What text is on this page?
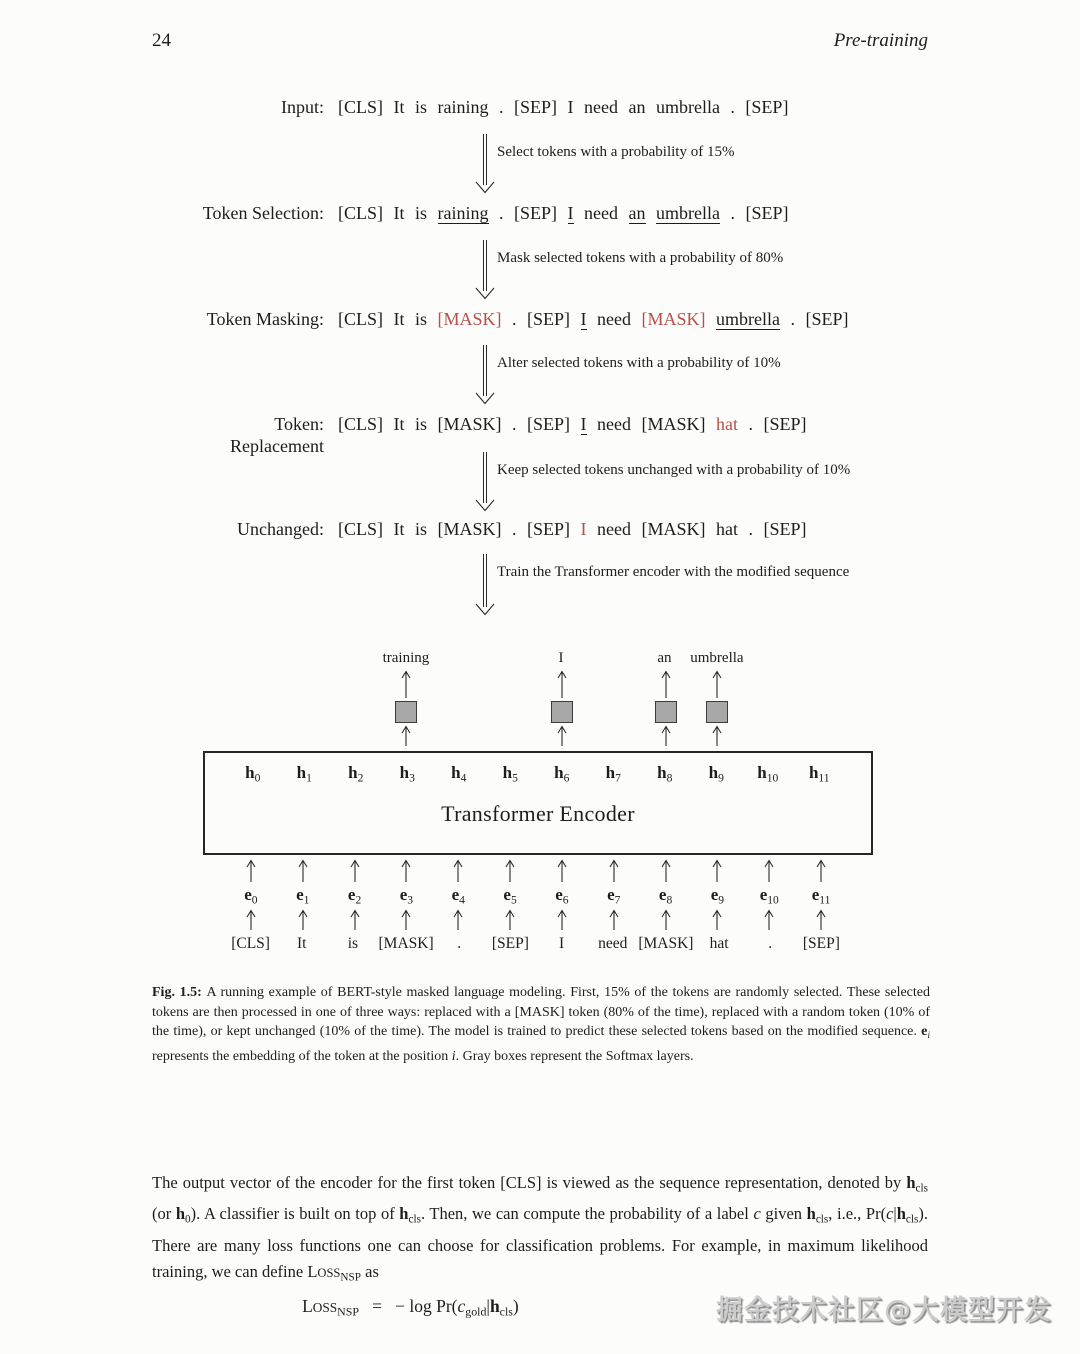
24	Pre-training
Input: [CLS] It is raining . [SEP] I need an umbrella . [SEP]
Select tokens with a probability of 15%
Token Selection: [CLS] It is raining . [SEP] I need an umbrella . [SEP]
Mask selected tokens with a probability of 80%
Token Masking: [CLS] It is [MASK] . [SEP] I need [MASK] umbrella . [SEP]
Alter selected tokens with a probability of 10%
Token:
Replacement
[CLS] It is [MASK] . [SEP] I need [MASK] hat . [SEP]
Keep selected tokens unchanged with a probability of 10%
Unchanged: [CLS] It is [MASK] . [SEP] I need [MASK] hat . [SEP]
Train the Transformer encoder with the modified sequence
training	I	an umbrella
$h_0$ $h_1$ $h_2$ $h_3$ $h_4$ $h_5$ $h_6$ $h_7$ $h_8$ $h_9$ $h_{10}$ $h_{11}$
Transformer Encoder
$e_0$ $e_1$ $e_2$ $e_3$ $e_4$ $e_5$ $e_6$ $e_7$ $e_8$ $e_9$ $e_{10}$ $e_{11}$
[CLS] It	is [MASK] . [SEP] I need [MASK] hat	. [SEP]

Fig. 1.5: A running example of BERT-style masked language modeling. First, 15% of the tokens are randomly selected. These selected tokens are then processed in one of three ways: replaced with a [MASK] token (80% of the time), replaced with a random token (10% of the time), or kept unchanged (10% of the time). The model is trained to predict these selected tokens based on the modified sequence. $e_i$ represents the embedding of the token at the position i. Gray boxes represent the Softmax layers.

The output vector of the encoder for the first token [CLS] is viewed as the sequence representation, denoted by $h_{cls}$ (or $h_0$). A classifier is built on top of $h_{cls}$. Then, we can compute the probability of a label c given $h_{cls}$, i.e., $Pr(c|h_{cls})$. There are many loss functions one can choose for classification problems. For example, in maximum likelihood training, we can define $LOSS_{NSP}$ as

$LOSS_{NSP}$   =   − $\log Pr(c_{gold}|h_{cls})$	掘金技术社区@大模型开发
